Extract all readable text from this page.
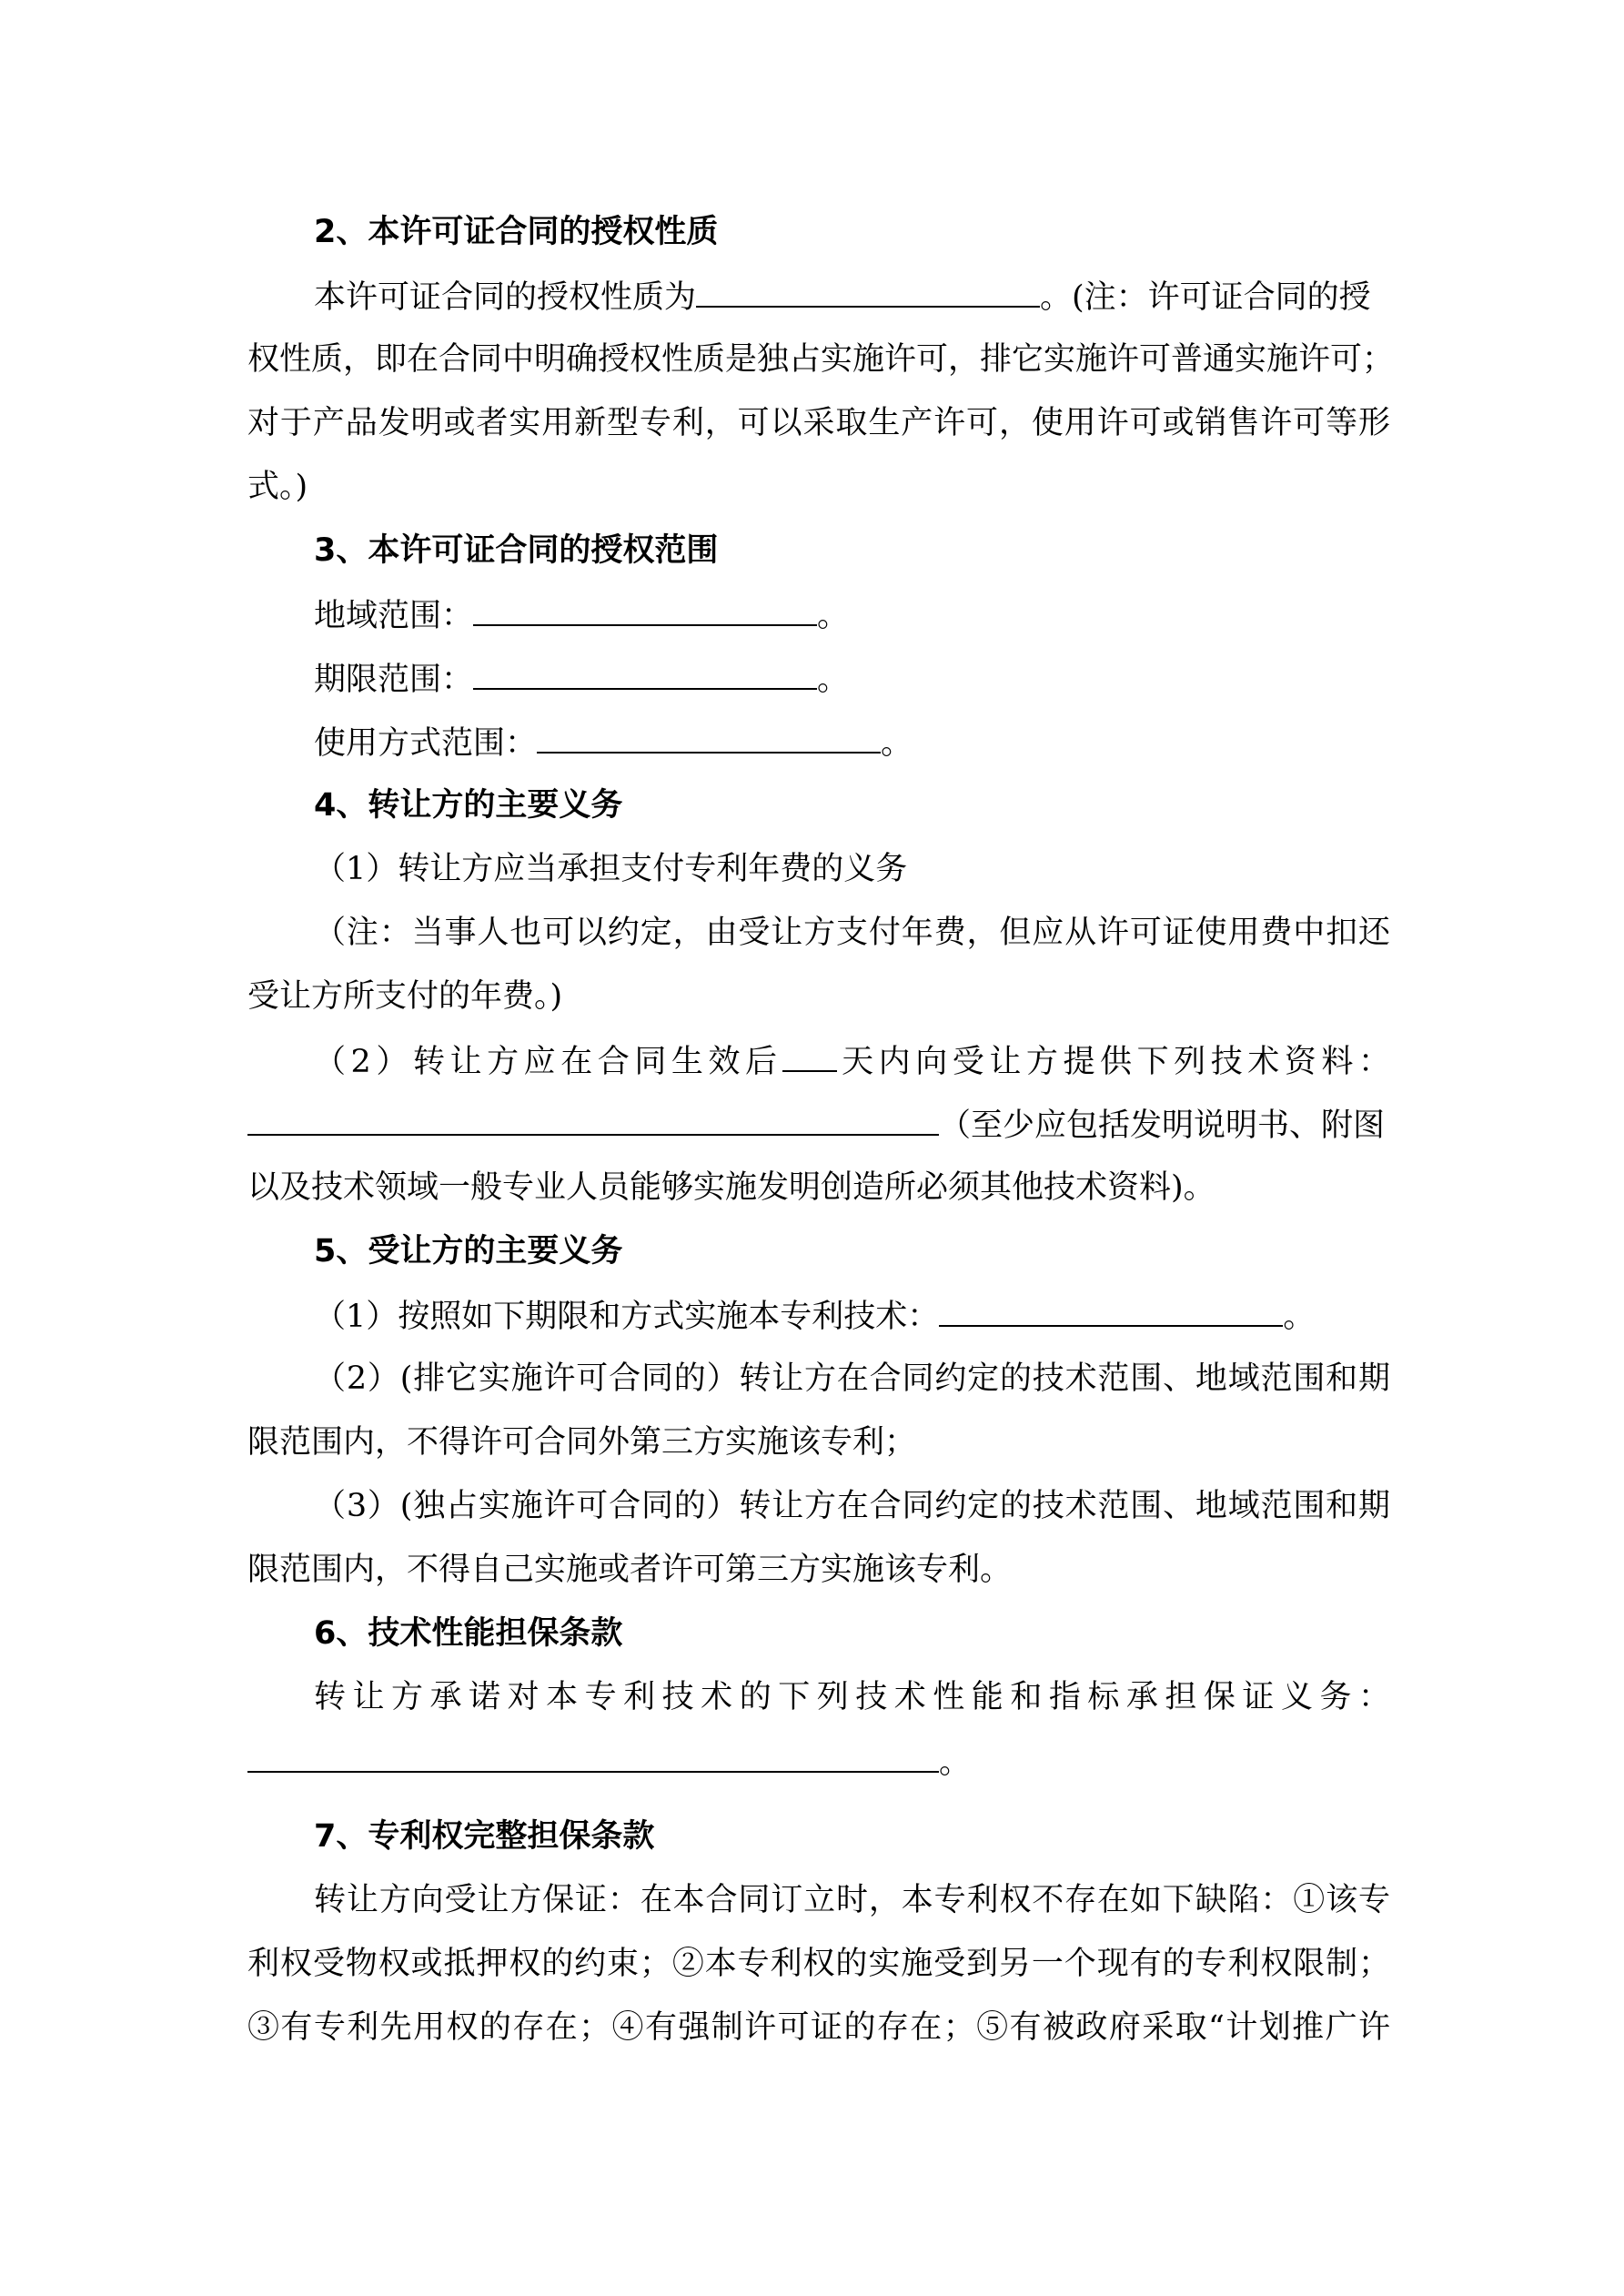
2、本许可证合同的授权性质
本许可证合同的授权性质为	。(注：许可证合同的授
权性质，即在合同中明确授权性质是独占实施许可，排它实施许可普通实施许可；
对于产品发明或者实用新型专利，可以采取生产许可，使用许可或销售许可等形
式。)
3、本许可证合同的授权范围
地域范围：	。
期限范围：	。
使用方式范围：	。
4、转让方的主要义务
（1）转让方应当承担支付专利年费的义务
（注：当事人也可以约定，由受让方支付年费，但应从许可证使用费中扣还
受让方所支付的年费。)
（2）转让方应在合同生效后 天内向受让方提供下列技术资料：
（至少应包括发明说明书、附图
以及技术领域一般专业人员能够实施发明创造所必须其他技术资料)。
5、受让方的主要义务
（1）按照如下期限和方式实施本专利技术：	。
（2）(排它实施许可合同的）转让方在合同约定的技术范围、地域范围和期
限范围内，不得许可合同外第三方实施该专利；
（3）(独占实施许可合同的）转让方在合同约定的技术范围、地域范围和期
限范围内，不得自己实施或者许可第三方实施该专利。
6、技术性能担保条款
转让方承诺对本专利技术的下列技术性能和指标承担保证义务：
。
7、专利权完整担保条款
转让方向受让方保证：在本合同订立时，本专利权不存在如下缺陷：①该专
利权受物权或抵押权的约束；②本专利权的实施受到另一个现有的专利权限制；
③有专利先用权的存在；④有强制许可证的存在；⑤有被政府采取“计划推广许
